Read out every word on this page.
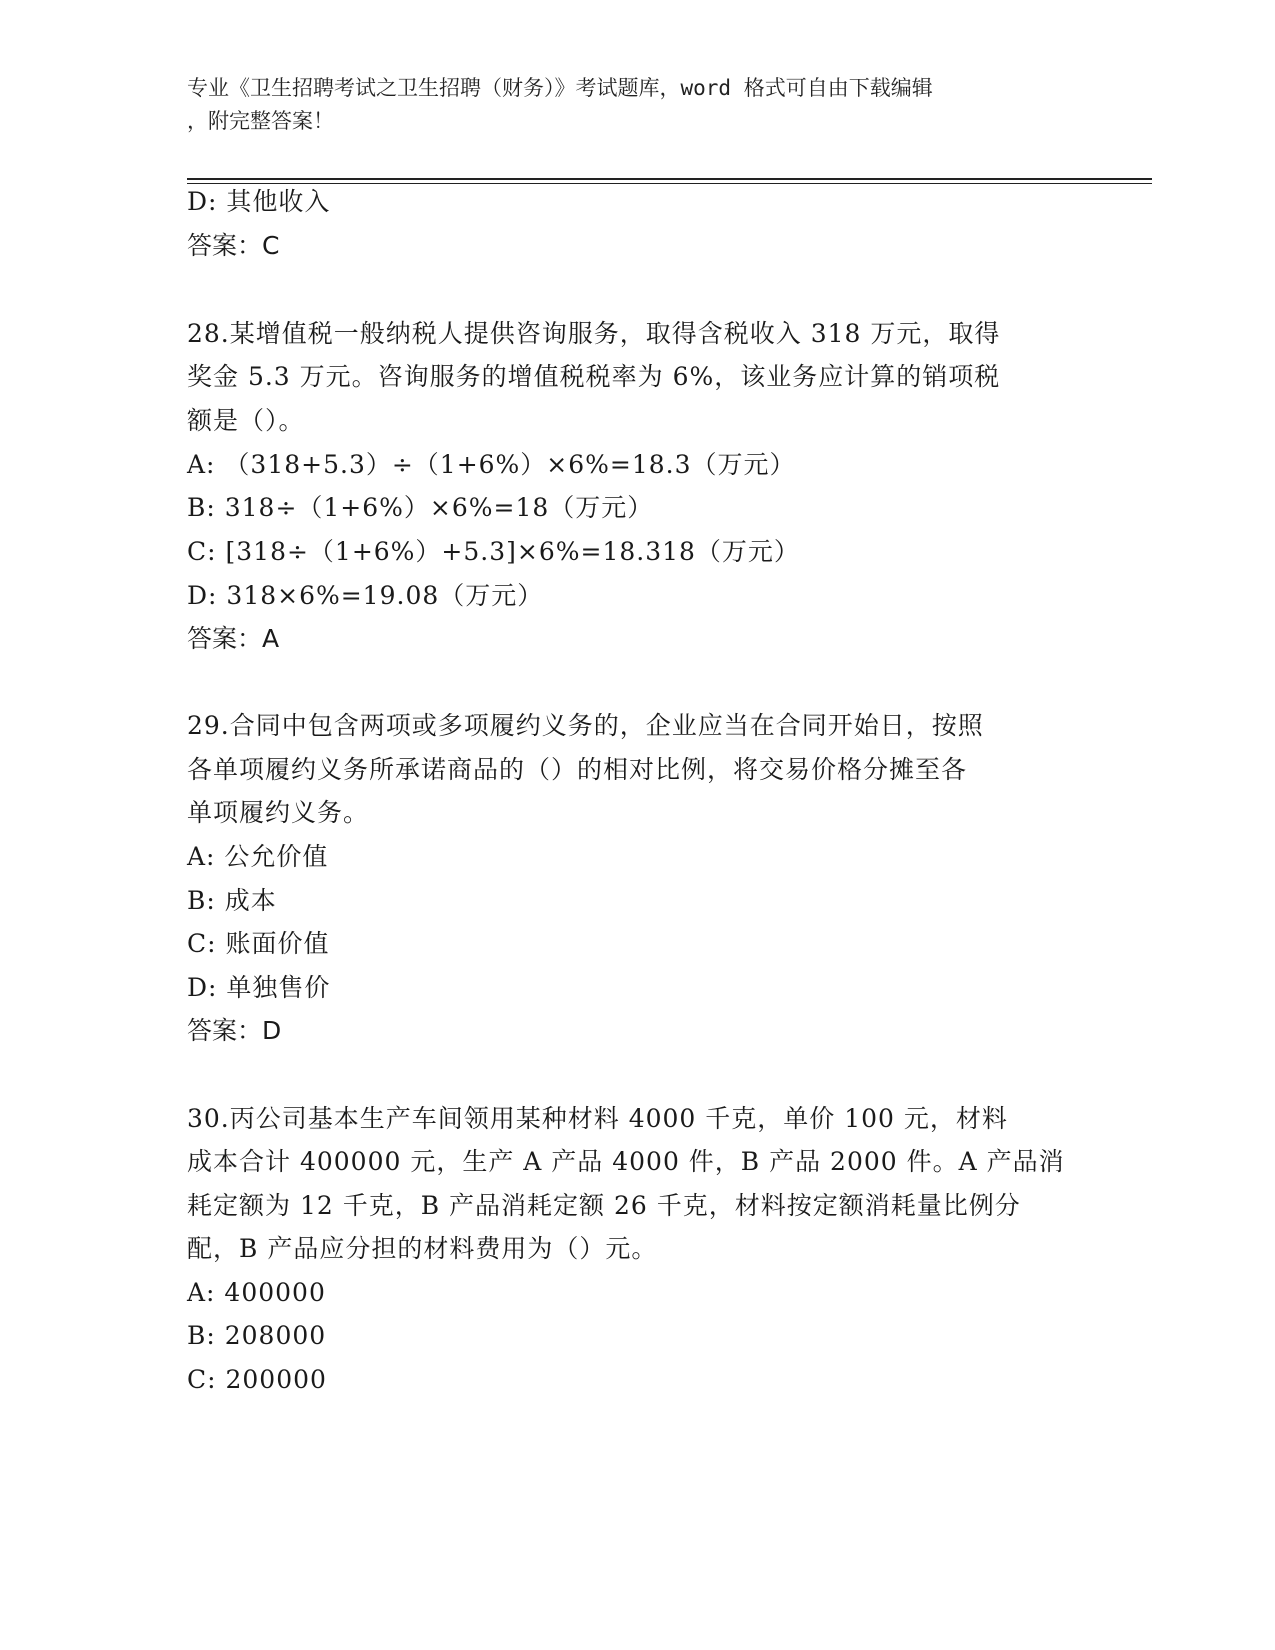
专业《卫生招聘考试之卫生招聘（财务）》考试题库，word 格式可自由下载编辑
，附完整答案！
D: 其他收入
答案：C
28.某增值税一般纳税人提供咨询服务，取得含税收入 318 万元，取得
奖金 5.3 万元。咨询服务的增值税税率为 6%，该业务应计算的销项税
额是（）。
A: （318+5.3）÷（1+6%）×6%=18.3（万元）
B: 318÷（1+6%）×6%=18（万元）
C: [318÷（1+6%）+5.3]×6%=18.318（万元）
D: 318×6%=19.08（万元）
答案：A
29.合同中包含两项或多项履约义务的，企业应当在合同开始日，按照
各单项履约义务所承诺商品的（）的相对比例，将交易价格分摊至各
单项履约义务。
A: 公允价值
B: 成本
C: 账面价值
D: 单独售价
答案：D
30.丙公司基本生产车间领用某种材料 4000 千克，单价 100 元，材料
成本合计 400000 元，生产 A 产品 4000 件，B 产品 2000 件。A 产品消
耗定额为 12 千克，B 产品消耗定额 26 千克，材料按定额消耗量比例分
配，B 产品应分担的材料费用为（）元。
A: 400000
B: 208000
C: 200000
